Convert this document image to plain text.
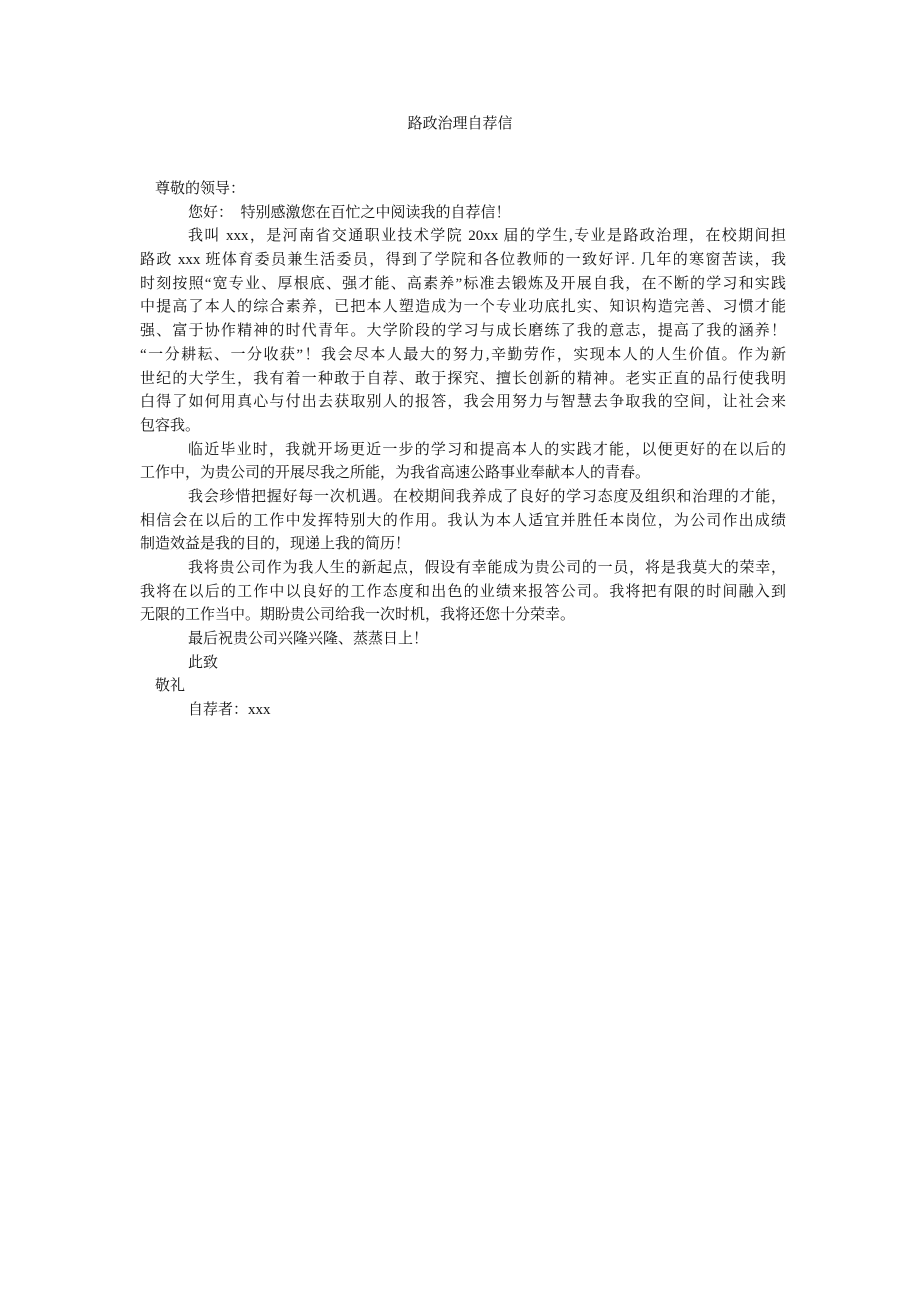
路政治理自荐信
尊敬的领导：
您好：  特别感激您在百忙之中阅读我的自荐信！
我叫 xxx，是河南省交通职业技术学院 20xx 届的学生,专业是路政治理，在校期间担
路政 xxx 班体育委员兼生活委员，得到了学院和各位教师的一致好评. 几年的寒窗苦读，我
时刻按照“宽专业、厚根底、强才能、高素养”标准去锻炼及开展自我，在不断的学习和实践
中提高了本人的综合素养，已把本人塑造成为一个专业功底扎实、知识构造完善、习惯才能
强、富于协作精神的时代青年。大学阶段的学习与成长磨练了我的意志，提高了我的涵养！
“一分耕耘、一分收获”！我会尽本人最大的努力,辛勤劳作，实现本人的人生价值。作为新
世纪的大学生，我有着一种敢于自荐、敢于探究、擅长创新的精神。老实正直的品行使我明
白得了如何用真心与付出去获取别人的报答，我会用努力与智慧去争取我的空间，让社会来
包容我。
临近毕业时，我就开场更近一步的学习和提高本人的实践才能，以便更好的在以后的
工作中，为贵公司的开展尽我之所能，为我省高速公路事业奉献本人的青春。
我会珍惜把握好每一次机遇。在校期间我养成了良好的学习态度及组织和治理的才能，
相信会在以后的工作中发挥特别大的作用。我认为本人适宜并胜任本岗位，为公司作出成绩
制造效益是我的目的，现递上我的简历！
我将贵公司作为我人生的新起点，假设有幸能成为贵公司的一员，将是我莫大的荣幸，
我将在以后的工作中以良好的工作态度和出色的业绩来报答公司。我将把有限的时间融入到
无限的工作当中。期盼贵公司给我一次时机，我将还您十分荣幸。
最后祝贵公司兴隆兴隆、蒸蒸日上！
此致
敬礼
自荐者：xxx
